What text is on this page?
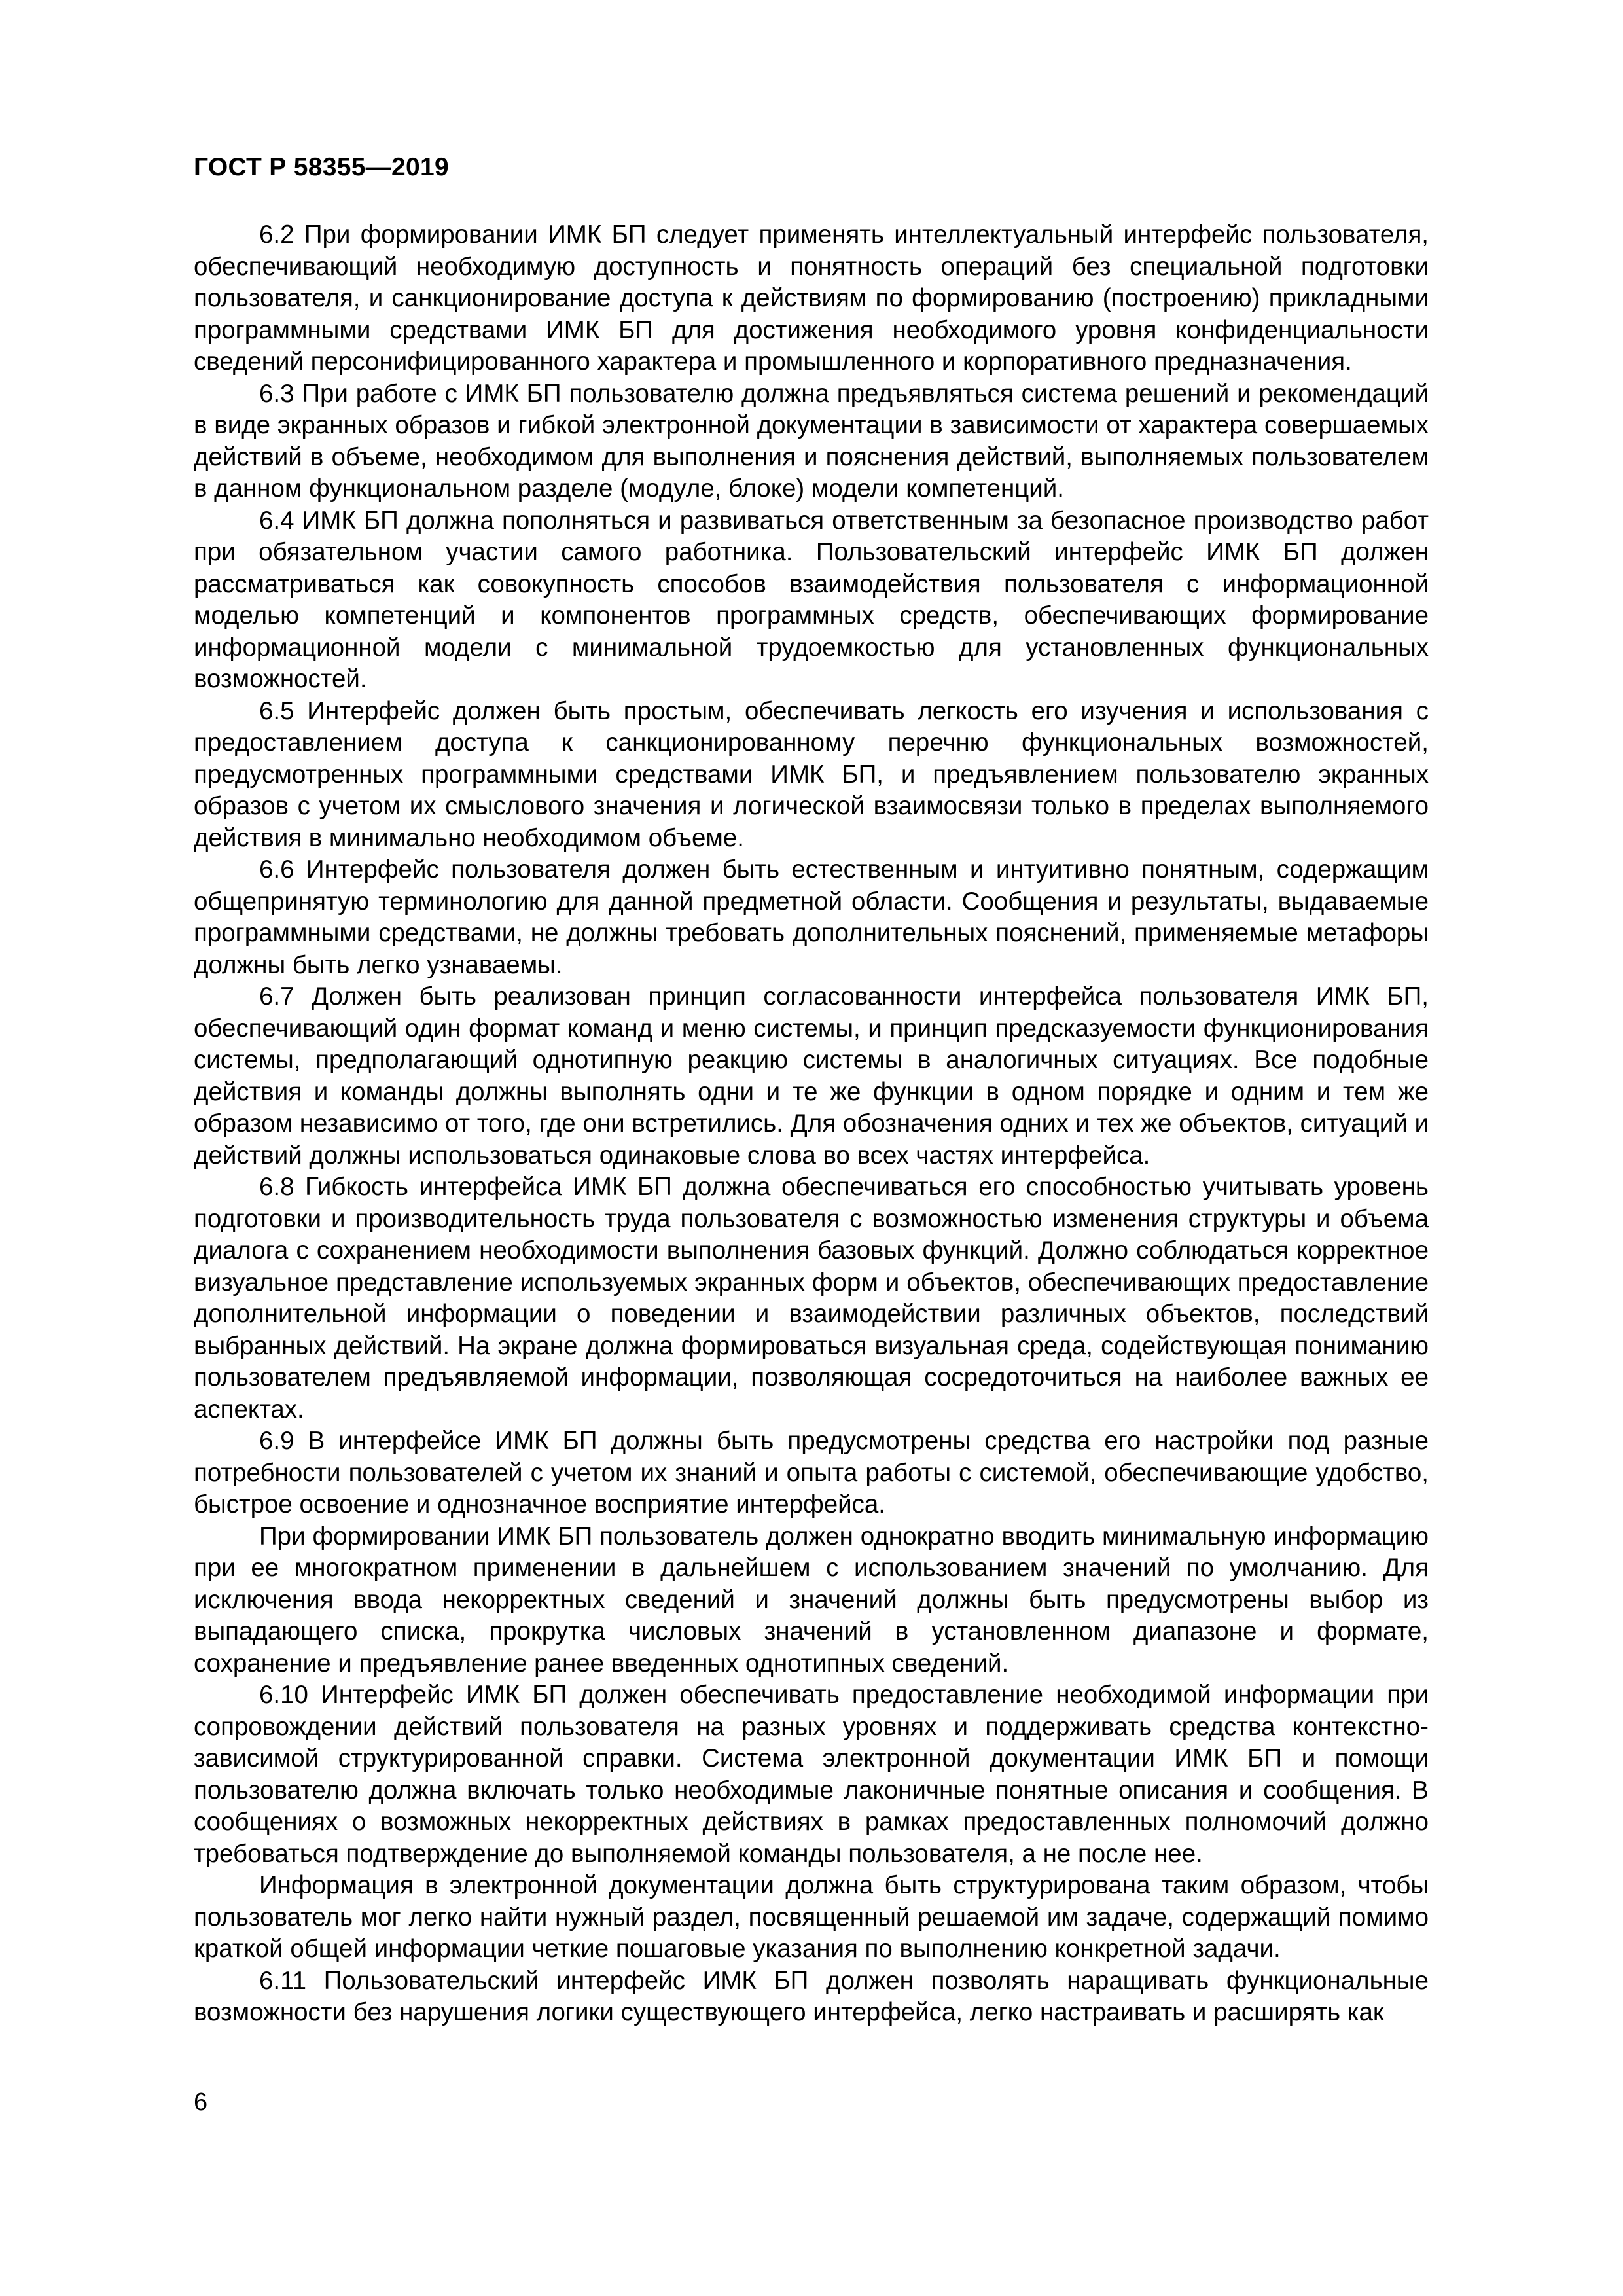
ГОСТ Р 58355—2019

6.2 При формировании ИМК БП следует применять интеллектуальный интерфейс пользователя, обеспечивающий необходимую доступность и понятность операций без специальной подготовки пользователя, и санкционирование доступа к действиям по формированию (построению) прикладными программными средствами ИМК БП для достижения необходимого уровня конфиденциальности сведений персонифицированного характера и промышленного и корпоративного предназначения.

6.3 При работе с ИМК БП пользователю должна предъявляться система решений и рекомендаций в виде экранных образов и гибкой электронной документации в зависимости от характера совершаемых действий в объеме, необходимом для выполнения и пояснения действий, выполняемых пользователем в данном функциональном разделе (модуле, блоке) модели компетенций.

6.4 ИМК БП должна пополняться и развиваться ответственным за безопасное производство работ при обязательном участии самого работника. Пользовательский интерфейс ИМК БП должен рассматриваться как совокупность способов взаимодействия пользователя с информационной моделью компетенций и компонентов программных средств, обеспечивающих формирование информационной модели с минимальной трудоемкостью для установленных функциональных возможностей.

6.5 Интерфейс должен быть простым, обеспечивать легкость его изучения и использования с предоставлением доступа к санкционированному перечню функциональных возможностей, предусмотренных программными средствами ИМК БП, и предъявлением пользователю экранных образов с учетом их смыслового значения и логической взаимосвязи только в пределах выполняемого действия в минимально необходимом объеме.

6.6 Интерфейс пользователя должен быть естественным и интуитивно понятным, содержащим общепринятую терминологию для данной предметной области. Сообщения и результаты, выдаваемые программными средствами, не должны требовать дополнительных пояснений, применяемые метафоры должны быть легко узнаваемы.

6.7 Должен быть реализован принцип согласованности интерфейса пользователя ИМК БП, обеспечивающий один формат команд и меню системы, и принцип предсказуемости функционирования системы, предполагающий однотипную реакцию системы в аналогичных ситуациях. Все подобные действия и команды должны выполнять одни и те же функции в одном порядке и одним и тем же образом независимо от того, где они встретились. Для обозначения одних и тех же объектов, ситуаций и действий должны использоваться одинаковые слова во всех частях интерфейса.

6.8 Гибкость интерфейса ИМК БП должна обеспечиваться его способностью учитывать уровень подготовки и производительность труда пользователя с возможностью изменения структуры и объема диалога с сохранением необходимости выполнения базовых функций. Должно соблюдаться корректное визуальное представление используемых экранных форм и объектов, обеспечивающих предоставление дополнительной информации о поведении и взаимодействии различных объектов, последствий выбранных действий. На экране должна формироваться визуальная среда, содействующая пониманию пользователем предъявляемой информации, позволяющая сосредоточиться на наиболее важных ее аспектах.

6.9 В интерфейсе ИМК БП должны быть предусмотрены средства его настройки под разные потребности пользователей с учетом их знаний и опыта работы с системой, обеспечивающие удобство, быстрое освоение и однозначное восприятие интерфейса.

При формировании ИМК БП пользователь должен однократно вводить минимальную информацию при ее многократном применении в дальнейшем с использованием значений по умолчанию. Для исключения ввода некорректных сведений и значений должны быть предусмотрены выбор из выпадающего списка, прокрутка числовых значений в установленном диапазоне и формате, сохранение и предъявление ранее введенных однотипных сведений.

6.10 Интерфейс ИМК БП должен обеспечивать предоставление необходимой информации при сопровождении действий пользователя на разных уровнях и поддерживать средства контекстно-зависимой структурированной справки. Система электронной документации ИМК БП и помощи пользователю должна включать только необходимые лаконичные понятные описания и сообщения. В сообщениях о возможных некорректных действиях в рамках предоставленных полномочий должно требоваться подтверждение до выполняемой команды пользователя, а не после нее.

Информация в электронной документации должна быть структурирована таким образом, чтобы пользователь мог легко найти нужный раздел, посвященный решаемой им задаче, содержащий помимо краткой общей информации четкие пошаговые указания по выполнению конкретной задачи.

6.11 Пользовательский интерфейс ИМК БП должен позволять наращивать функциональные возможности без нарушения логики существующего интерфейса, легко настраивать и расширять как

6
